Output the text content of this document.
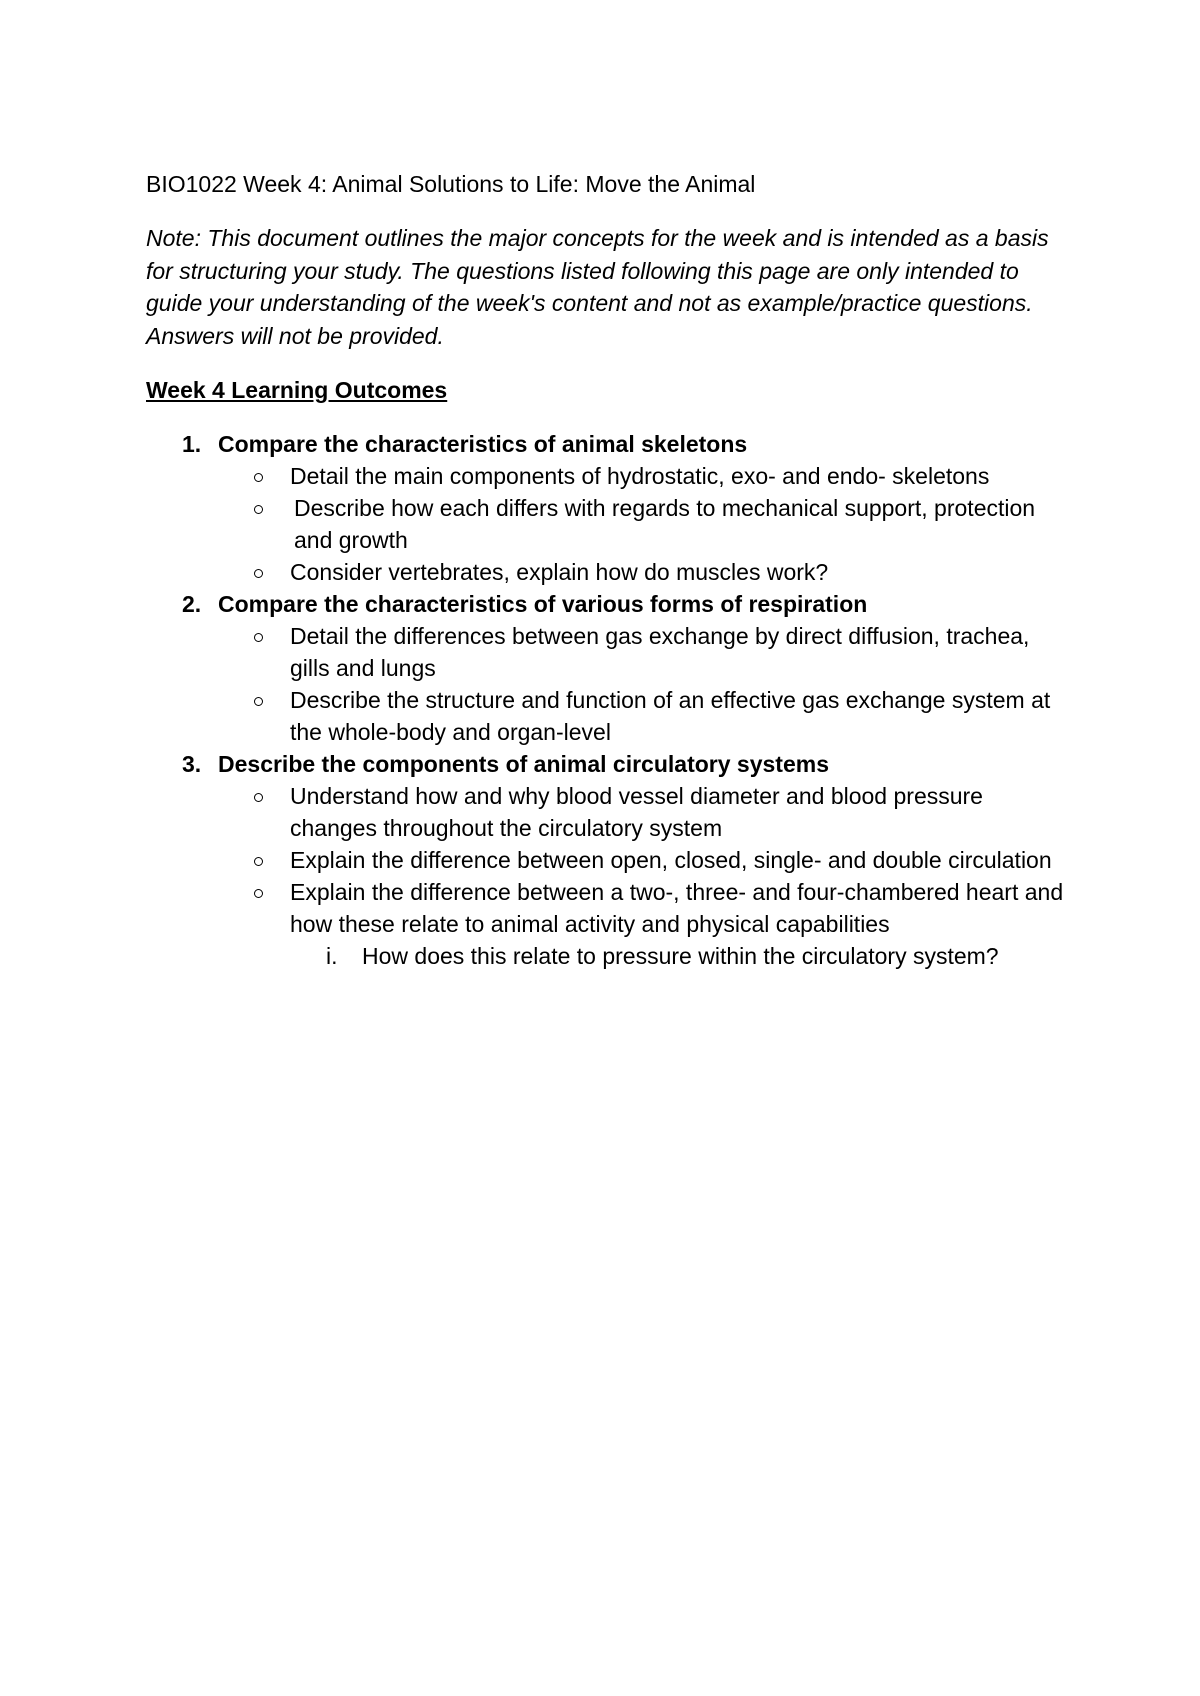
BIO1022 Week 4: Animal Solutions to Life: Move the Animal

Note: This document outlines the major concepts for the week and is intended as a basis for structuring your study. The questions listed following this page are only intended to guide your understanding of the week's content and not as example/practice questions. Answers will not be provided.

Week 4 Learning Outcomes

1. Compare the characteristics of animal skeletons
Detail the main components of hydrostatic, exo- and endo- skeletons
Describe how each differs with regards to mechanical support, protection and growth
Consider vertebrates, explain how do muscles work?
2. Compare the characteristics of various forms of respiration
Detail the differences between gas exchange by direct diffusion, trachea, gills and lungs
Describe the structure and function of an effective gas exchange system at the whole-body and organ-level
3. Describe the components of animal circulatory systems
Understand how and why blood vessel diameter and blood pressure changes throughout the circulatory system
Explain the difference between open, closed, single- and double circulation
Explain the difference between a two-, three- and four-chambered heart and how these relate to animal activity and physical capabilities
i. How does this relate to pressure within the circulatory system?
